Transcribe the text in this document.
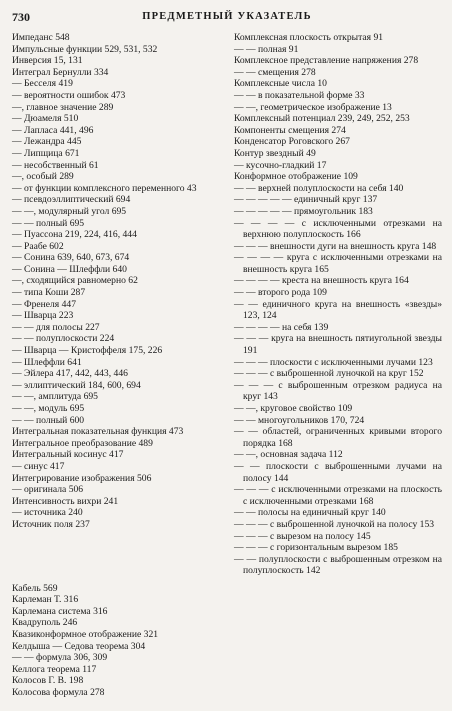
730	ПРЕДМЕТНЫЙ УКАЗАТЕЛЬ

Импеданс 548

Импульсные функции 529, 531, 532

Инверсия 15, 131

Интеграл Бернулли 334

— Бесселя 419

— вероятности ошибок 473

—, главное значение 289

— Дюамеля 510

— Лапласа 441, 496

— Лежандра 445

— Липщица 671

— несобственный 61

—, особый 289

— от функции комплексного переменного 43

— псевдоэллиптический 694

— —, модулярный угол 695

— — полный 695

— Пуассона 219, 224, 416, 444

— Раабе 602

— Сонина 639, 640, 673, 674

— Сонина — Шлеффли 640

—, сходящийся равномерно 62

— типа Коши 287

— Френеля 447

— Шварца 223

— — для полосы 227

— — полуплоскости 224

— Шварца — Кристоффеля 175, 226

— Шлеффли 641

— Эйлера 417, 442, 443, 446

— эллиптический 184, 600, 694

— —, амплитуда 695

— —, модуль 695

— — полный 600

Интегральная показательная функция 473

Интегральное преобразование 489

Интегральный косинус 417

— синус 417

Интегрирование изображения 506

— оригинала 506

Интенсивность вихри 241

— источника 240

Источник поля 237

Кабель 569

Карлеман Т. 316

Карлемана система 316

Квадруполь 246

Квазиконформное отображение 321

Келдыша — Седова теорема 304

— — формула 306, 309

Келлога теорема 117

Колосов Г. В. 198

Колосова формула 278

Комплексная плоскость открытая 91

— — полная 91

Комплексное представление напряжения 278

— — смещения 278

Комплексные числа 10

— — в показательной форме 33

— —, геометрическое изображение 13

Комплексный потенциал 239, 249, 252, 253

Компоненты смещения 274

Конденсатор Роговского 267

Контур звездный 49

— кусочно-гладкий 17

Конформное отображение 109

— — верхней полуплоскости на себя 140

— — — — — единичный круг 137

— — — — — прямоугольник 183

— — — — с исключенными отрезками на верхнюю полуплоскость 166

— — — внешности дуги на внешность круга 148

— — — — круга с исключенными отрезками на внешность круга 165

— — — — креста на внешность круга 164

— — второго рода 109

— — единичного круга на внешность «звезды» 123, 124

— — — — на себя 139

— — — круга на внешность пятиугольной звезды 191

— — — плоскости с исключенными лучами 123

— — — с выброшенной луночкой на круг 152

— — — с выброшенным отрезком радиуса на круг 143

— —, круговое свойство 109

— — многоугольников 170, 724

— — областей, ограниченных кривыми второго порядка 168

— —, основная задача 112

— — плоскости с выброшенными лучами на полосу 144

— — — с исключенными отрезками на плоскость с исключенными отрезками 168

— — полосы на единичный круг 140

— — — с выброшенной луночкой на полосу 153

— — — с вырезом на полосу 145

— — — с горизонтальным вырезом 185

— — полуплоскости с выброшенным отрезком на полуплоскость 142
